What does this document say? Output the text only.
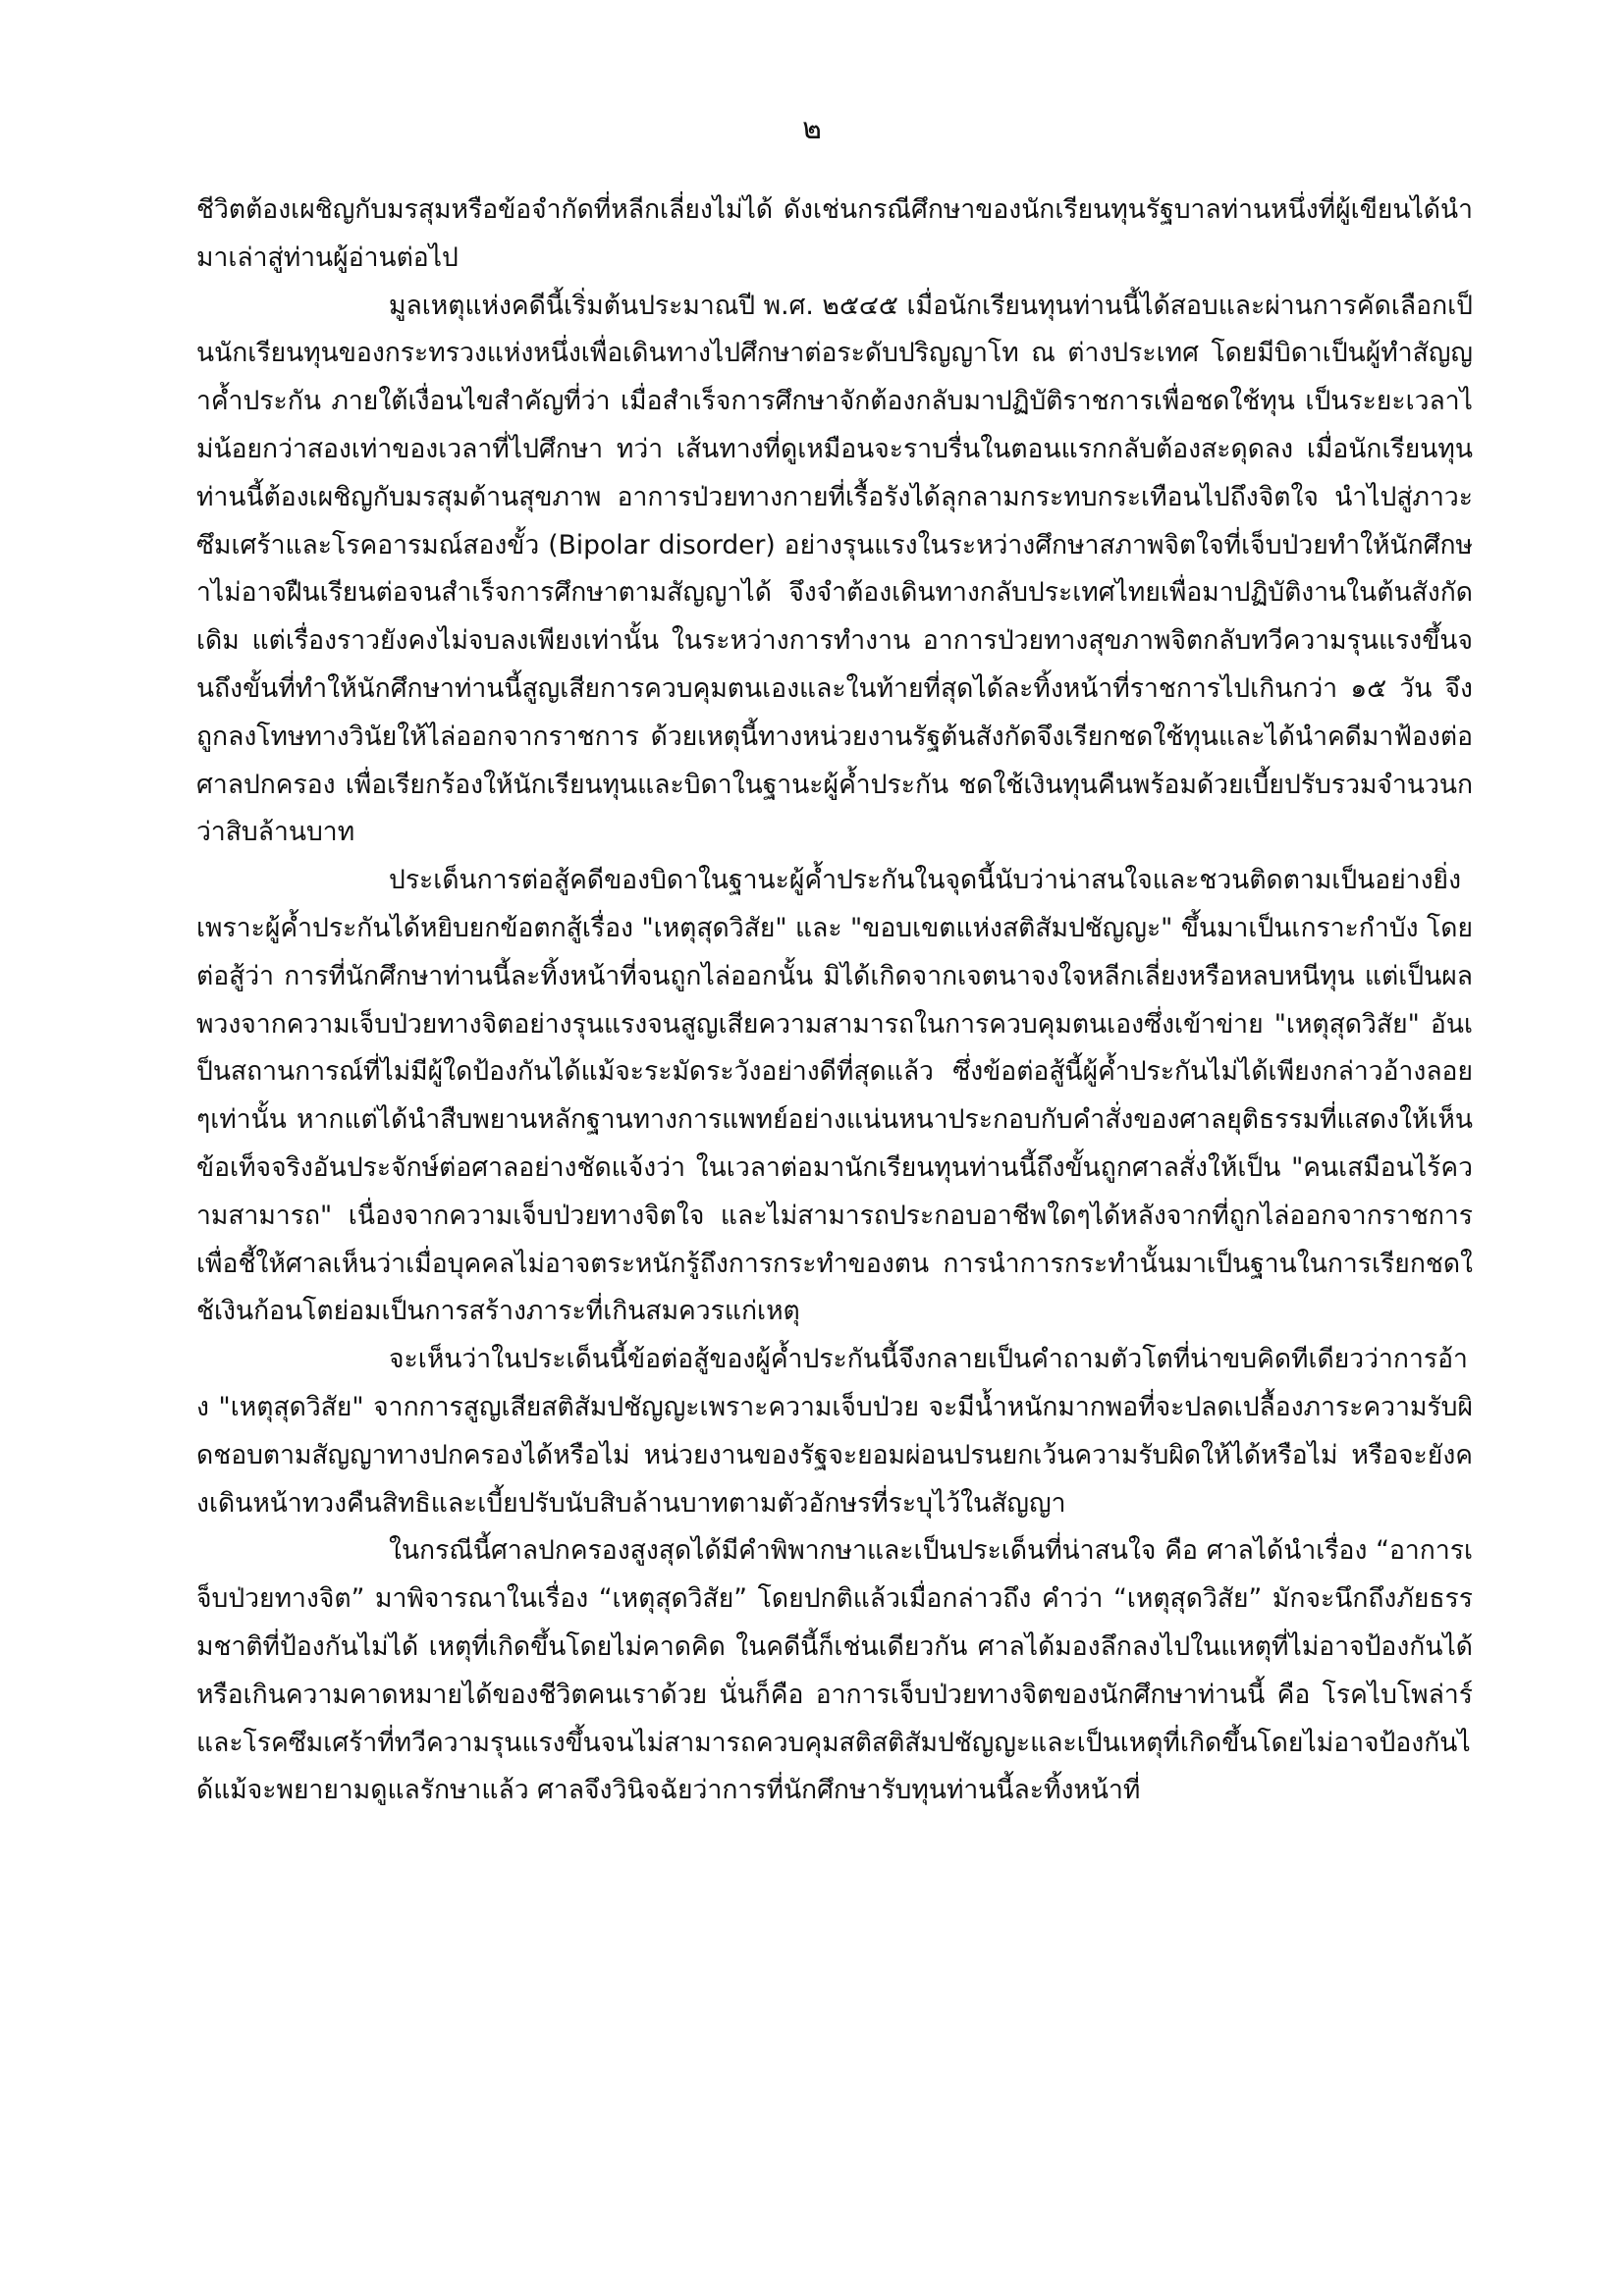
๒

ชีวิตต้องเผชิญกับมรสุมหรือข้อจำกัดที่หลีกเลี่ยงไม่ได้ ดังเช่นกรณีศึกษาของนักเรียนทุนรัฐบาลท่านหนึ่งที่ผู้เขียนได้นำมาเล่าสู่ท่านผู้อ่านต่อไป

มูลเหตุแห่งคดีนี้เริ่มต้นประมาณปี พ.ศ. ๒๕๔๕ เมื่อนักเรียนทุนท่านนี้ได้สอบและผ่านการคัดเลือกเป็นนักเรียนทุนของกระทรวงแห่งหนึ่งเพื่อเดินทางไปศึกษาต่อระดับปริญญาโท ณ ต่างประเทศ โดยมีบิดาเป็นผู้ทำสัญญาค้ำประกัน ภายใต้เงื่อนไขสำคัญที่ว่า เมื่อสำเร็จการศึกษาจักต้องกลับมาปฏิบัติราชการเพื่อชดใช้ทุน เป็นระยะเวลาไม่น้อยกว่าสองเท่าของเวลาที่ไปศึกษา ทว่า เส้นทางที่ดูเหมือนจะราบรื่นในตอนแรกกลับต้องสะดุดลง เมื่อนักเรียนทุนท่านนี้ต้องเผชิญกับมรสุมด้านสุขภาพ อาการป่วยทางกายที่เรื้อรังได้ลุกลามกระทบกระเทือนไปถึงจิตใจ นำไปสู่ภาวะซึมเศร้าและโรคอารมณ์สองขั้ว (Bipolar disorder) อย่างรุนแรงในระหว่างศึกษาสภาพจิตใจที่เจ็บป่วยทำให้นักศึกษาไม่อาจฝืนเรียนต่อจนสำเร็จการศึกษาตามสัญญาได้ จึงจำต้องเดินทางกลับประเทศไทยเพื่อมาปฏิบัติงานในต้นสังกัดเดิม แต่เรื่องราวยังคงไม่จบลงเพียงเท่านั้น ในระหว่างการทำงาน อาการป่วยทางสุขภาพจิตกลับทวีความรุนแรงขึ้นจนถึงขั้นที่ทำให้นักศึกษาท่านนี้สูญเสียการควบคุมตนเองและในท้ายที่สุดได้ละทิ้งหน้าที่ราชการไปเกินกว่า ๑๕ วัน จึงถูกลงโทษทางวินัยให้ไล่ออกจากราชการ ด้วยเหตุนี้ทางหน่วยงานรัฐต้นสังกัดจึงเรียกชดใช้ทุนและได้นำคดีมาฟ้องต่อศาลปกครอง เพื่อเรียกร้องให้นักเรียนทุนและบิดาในฐานะผู้ค้ำประกัน ชดใช้เงินทุนคืนพร้อมด้วยเบี้ยปรับรวมจำนวนกว่าสิบล้านบาท

ประเด็นการต่อสู้คดีของบิดาในฐานะผู้ค้ำประกันในจุดนี้นับว่าน่าสนใจและชวนติดตามเป็นอย่างยิ่ง เพราะผู้ค้ำประกันได้หยิบยกข้อตกสู้เรื่อง "เหตุสุดวิสัย" และ "ขอบเขตแห่งสติสัมปชัญญะ" ขึ้นมาเป็นเกราะกำบัง โดยต่อสู้ว่า การที่นักศึกษาท่านนี้ละทิ้งหน้าที่จนถูกไล่ออกนั้น มิได้เกิดจากเจตนาจงใจหลีกเลี่ยงหรือหลบหนีทุน แต่เป็นผลพวงจากความเจ็บป่วยทางจิตอย่างรุนแรงจนสูญเสียความสามารถในการควบคุมตนเองซึ่งเข้าข่าย "เหตุสุดวิสัย" อันเป็นสถานการณ์ที่ไม่มีผู้ใดป้องกันได้แม้จะระมัดระวังอย่างดีที่สุดแล้ว ซึ่งข้อต่อสู้นี้ผู้ค้ำประกันไม่ได้เพียงกล่าวอ้างลอยๆเท่านั้น หากแต่ได้นำสืบพยานหลักฐานทางการแพทย์อย่างแน่นหนาประกอบกับคำสั่งของศาลยุติธรรมที่แสดงให้เห็นข้อเท็จจริงอันประจักษ์ต่อศาลอย่างชัดแจ้งว่า ในเวลาต่อมานักเรียนทุนท่านนี้ถึงขั้นถูกศาลสั่งให้เป็น "คนเสมือนไร้ความสามารถ" เนื่องจากความเจ็บป่วยทางจิตใจ และไม่สามารถประกอบอาชีพใดๆได้หลังจากที่ถูกไล่ออกจากราชการ เพื่อชี้ให้ศาลเห็นว่าเมื่อบุคคลไม่อาจตระหนักรู้ถึงการกระทำของตน การนำการกระทำนั้นมาเป็นฐานในการเรียกชดใช้เงินก้อนโตย่อมเป็นการสร้างภาระที่เกินสมควรแก่เหตุ

จะเห็นว่าในประเด็นนี้ข้อต่อสู้ของผู้ค้ำประกันนี้จึงกลายเป็นคำถามตัวโตที่น่าขบคิดทีเดียวว่าการอ้าง "เหตุสุดวิสัย" จากการสูญเสียสติสัมปชัญญะเพราะความเจ็บป่วย จะมีน้ำหนักมากพอที่จะปลดเปลื้องภาระความรับผิดชอบตามสัญญาทางปกครองได้หรือไม่ หน่วยงานของรัฐจะยอมผ่อนปรนยกเว้นความรับผิดให้ได้หรือไม่ หรือจะยังคงเดินหน้าทวงคืนสิทธิและเบี้ยปรับนับสิบล้านบาทตามตัวอักษรที่ระบุไว้ในสัญญา

ในกรณีนี้ศาลปกครองสูงสุดได้มีคำพิพากษาและเป็นประเด็นที่น่าสนใจ คือ ศาลได้นำเรื่อง “อาการเจ็บป่วยทางจิต” มาพิจารณาในเรื่อง “เหตุสุดวิสัย” โดยปกติแล้วเมื่อกล่าวถึง คำว่า “เหตุสุดวิสัย” มักจะนึกถึงภัยธรรมชาติที่ป้องกันไม่ได้ เหตุที่เกิดขึ้นโดยไม่คาดคิด ในคดีนี้ก็เช่นเดียวกัน ศาลได้มองลึกลงไปในแหตุที่ไม่อาจป้องกันได้หรือเกินความคาดหมายได้ของชีวิตคนเราด้วย นั่นก็คือ อาการเจ็บป่วยทางจิตของนักศึกษาท่านนี้ คือ โรคไบโพล่าร์และโรคซึมเศร้าที่ทวีความรุนแรงขึ้นจนไม่สามารถควบคุมสติสติสัมปชัญญะและเป็นเหตุที่เกิดขึ้นโดยไม่อาจป้องกันได้แม้จะพยายามดูแลรักษาแล้ว ศาลจึงวินิจฉัยว่าการที่นักศึกษารับทุนท่านนี้ละทิ้งหน้าที่
